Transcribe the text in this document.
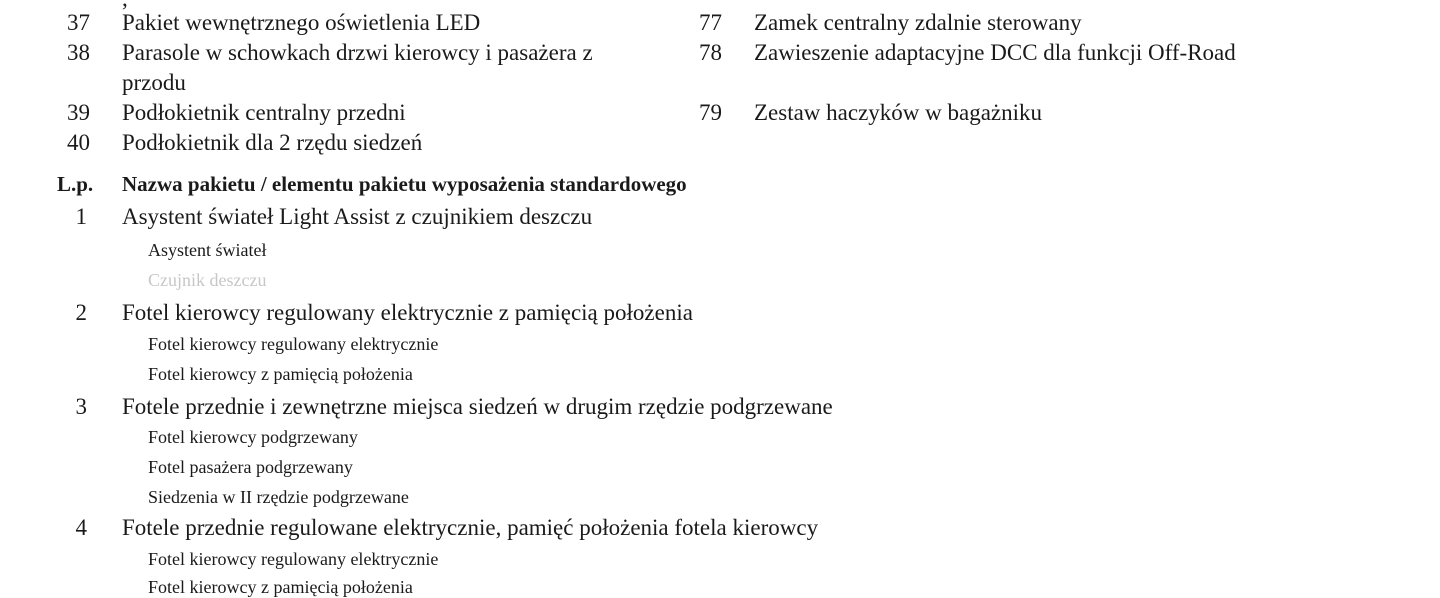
37 Pakiet wewnętrznego oświetlenia LED
38 Parasole w schowkach drzwi kierowcy i pasażera z
przodu
39 Podłokietnik centralny przedni
40 Podłokietnik dla 2 rzędu siedzeń
77 Zamek centralny zdalnie sterowany
78 Zawieszenie adaptacyjne DCC dla funkcji Off-Road
79 Zestaw haczyków w bagażniku
L.p. Nazwa pakietu / elementu pakietu wyposażenia standardowego
1 Asystent świateł Light Assist z czujnikiem deszczu
Asystent świateł
Czujnik deszczu
2 Fotel kierowcy regulowany elektrycznie z pamięcią położenia
Fotel kierowcy regulowany elektrycznie
Fotel kierowcy z pamięcią położenia
3 Fotele przednie i zewnętrzne miejsca siedzeń w drugim rzędzie podgrzewane
Fotel kierowcy podgrzewany
Fotel pasażera podgrzewany
Siedzenia w II rzędzie podgrzewane
4 Fotele przednie regulowane elektrycznie, pamięć położenia fotela kierowcy
Fotel kierowcy regulowany elektrycznie
Fotel kierowcy z pamięcią położenia
